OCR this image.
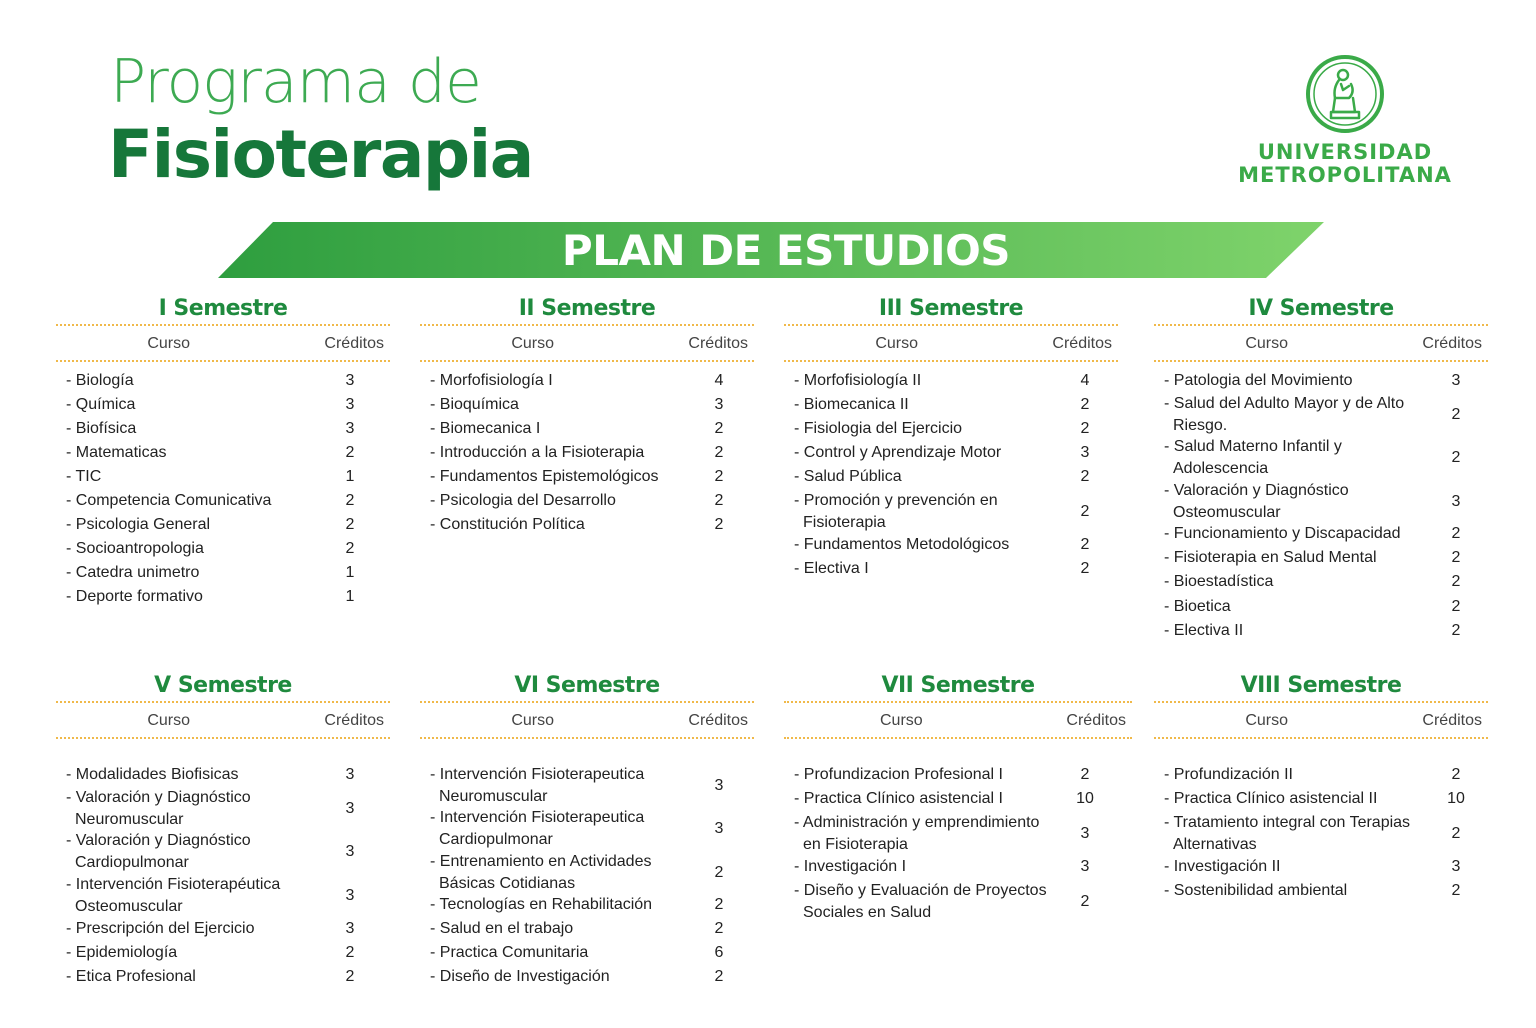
Programa de
Fisioterapia	UNIVERSIDAD
METROPOLITANA
PLAN DE ESTUDIOS
I Semestre
Curso	Créditos
- Biología	3
- Química	3
- Biofísica	3
- Matematicas	2
- TIC	1
- Competencia Comunicativa	2
- Psicologia General	2
- Socioantropologia	2
- Catedra unimetro	1
- Deporte formativo	1
II Semestre
Curso	Créditos
- Morfofisiología I	4
- Bioquímica	3
- Biomecanica I	2
- Introducción a la Fisioterapia	2
- Fundamentos Epistemológicos	2
- Psicologia del Desarrollo	2
- Constitución Política	2
III Semestre
Curso	Créditos
- Morfofisiología II	4
- Biomecanica II	2
- Fisiologia del Ejercicio	2
- Control y Aprendizaje Motor	3
- Salud Pública	2
- Promoción y prevención en
Fisioterapia
2
- Fundamentos Metodológicos	2
- Electiva I	2
IV Semestre
Curso	Créditos
- Patologia del Movimiento	3
- Salud del Adulto Mayor y de Alto
Riesgo.
2
- Salud Materno Infantil y
Adolescencia
2
- Valoración y Diagnóstico
Osteomuscular
3
- Funcionamiento y Discapacidad	2
- Fisioterapia en Salud Mental	2
- Bioestadística	2
- Bioetica	2
- Electiva II	2
V Semestre
Curso	Créditos
- Modalidades Biofisicas	3
- Valoración y Diagnóstico
Neuromuscular
3
- Valoración y Diagnóstico
Cardiopulmonar
3
- Intervención Fisioterapéutica
Osteomuscular
3
- Prescripción del Ejercicio	3
- Epidemiología	2
- Etica Profesional	2
VI Semestre
Curso	Créditos
- Intervención Fisioterapeutica
Neuromuscular
3
- Intervención Fisioterapeutica
Cardiopulmonar
3
- Entrenamiento en Actividades
Básicas Cotidianas
2
- Tecnologías en Rehabilitación	2
- Salud en el trabajo	2
- Practica Comunitaria	6
- Diseño de Investigación	2
VII Semestre
Curso	Créditos
- Profundizacion Profesional I	2
- Practica Clínico asistencial I	10
- Administración y emprendimiento
en Fisioterapia
3
- Investigación I	3
- Diseño y Evaluación de Proyectos
Sociales en Salud
2
VIII Semestre
Curso	Créditos
- Profundización II	2
- Practica Clínico asistencial II	10
- Tratamiento integral con Terapias
Alternativas
2
- Investigación II	3
- Sostenibilidad ambiental	2
